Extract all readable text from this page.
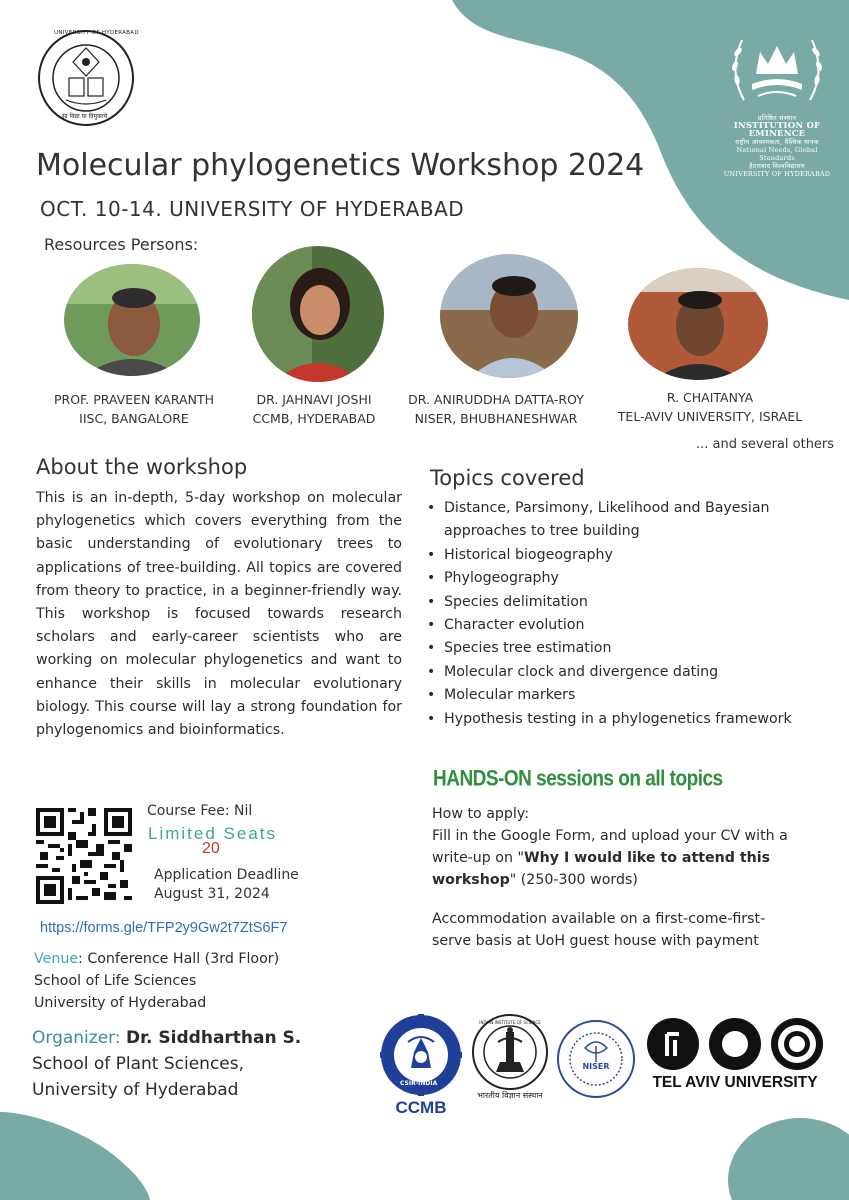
UNIVERSITY OF HYDERABAD
सा विद्या या विमुक्तये	प्रतिष्ठित संस्थान
INSTITUTION OF EMINENCE
राष्ट्रीय आवश्यकता, वैश्विक मानक
National Needs, Global Standards
हैदराबाद विश्वविद्यालय
UNIVERSITY OF HYDERABAD
Molecular phylogenetics Workshop 2024
OCT. 10-14. UNIVERSITY OF HYDERABAD
Resources Persons:
PROF. PRAVEEN KARANTH
IISC, BANGALORE
DR. JAHNAVI JOSHI
CCMB, HYDERABAD
DR. ANIRUDDHA DATTA-ROY
NISER, BHUBHANESHWAR
R. CHAITANYA
TEL-AVIV UNIVERSITY, ISRAEL
... and several others
About the workshop
This is an in-depth, 5-day workshop on molecular phylogenetics which covers everything from the basic understanding of evolutionary trees to applications of tree-building. All topics are covered from theory to practice, in a beginner-friendly way. This workshop is focused towards research scholars and early-career scientists who are working on molecular phylogenetics and want to enhance their skills in molecular evolutionary biology. This course will lay a strong foundation for phylogenomics and bioinformatics.
Topics covered
• Distance, Parsimony, Likelihood and Bayesian approaches to tree building
• Historical biogeography
• Phylogeography
• Species delimitation
• Character evolution
• Species tree estimation
• Molecular clock and divergence dating
• Molecular markers
• Hypothesis testing in a phylogenetics framework
HANDS-ON sessions on all topics
How to apply:
Fill in the Google Form, and upload your CV with a write-up on "Why I would like to attend this workshop" (250-300 words)
Accommodation available on a first-come-first-serve basis at UoH guest house with payment
Course Fee: Nil
Limited Seats
20
Application Deadline
August 31, 2024
https://forms.gle/TFP2y9Gw2t7ZtS6F7
Venue: Conference Hall (3rd Floor)
School of Life Sciences
University of Hyderabad
Organizer: Dr. Siddharthan S.
School of Plant Sciences,
University of Hyderabad	CSIR-INDIA
CCMB
INDIAN INSTITUTE OF SCIENCE
भारतीय विज्ञान संस्थान
NISER
TEL AVIV UNIVERSITY
